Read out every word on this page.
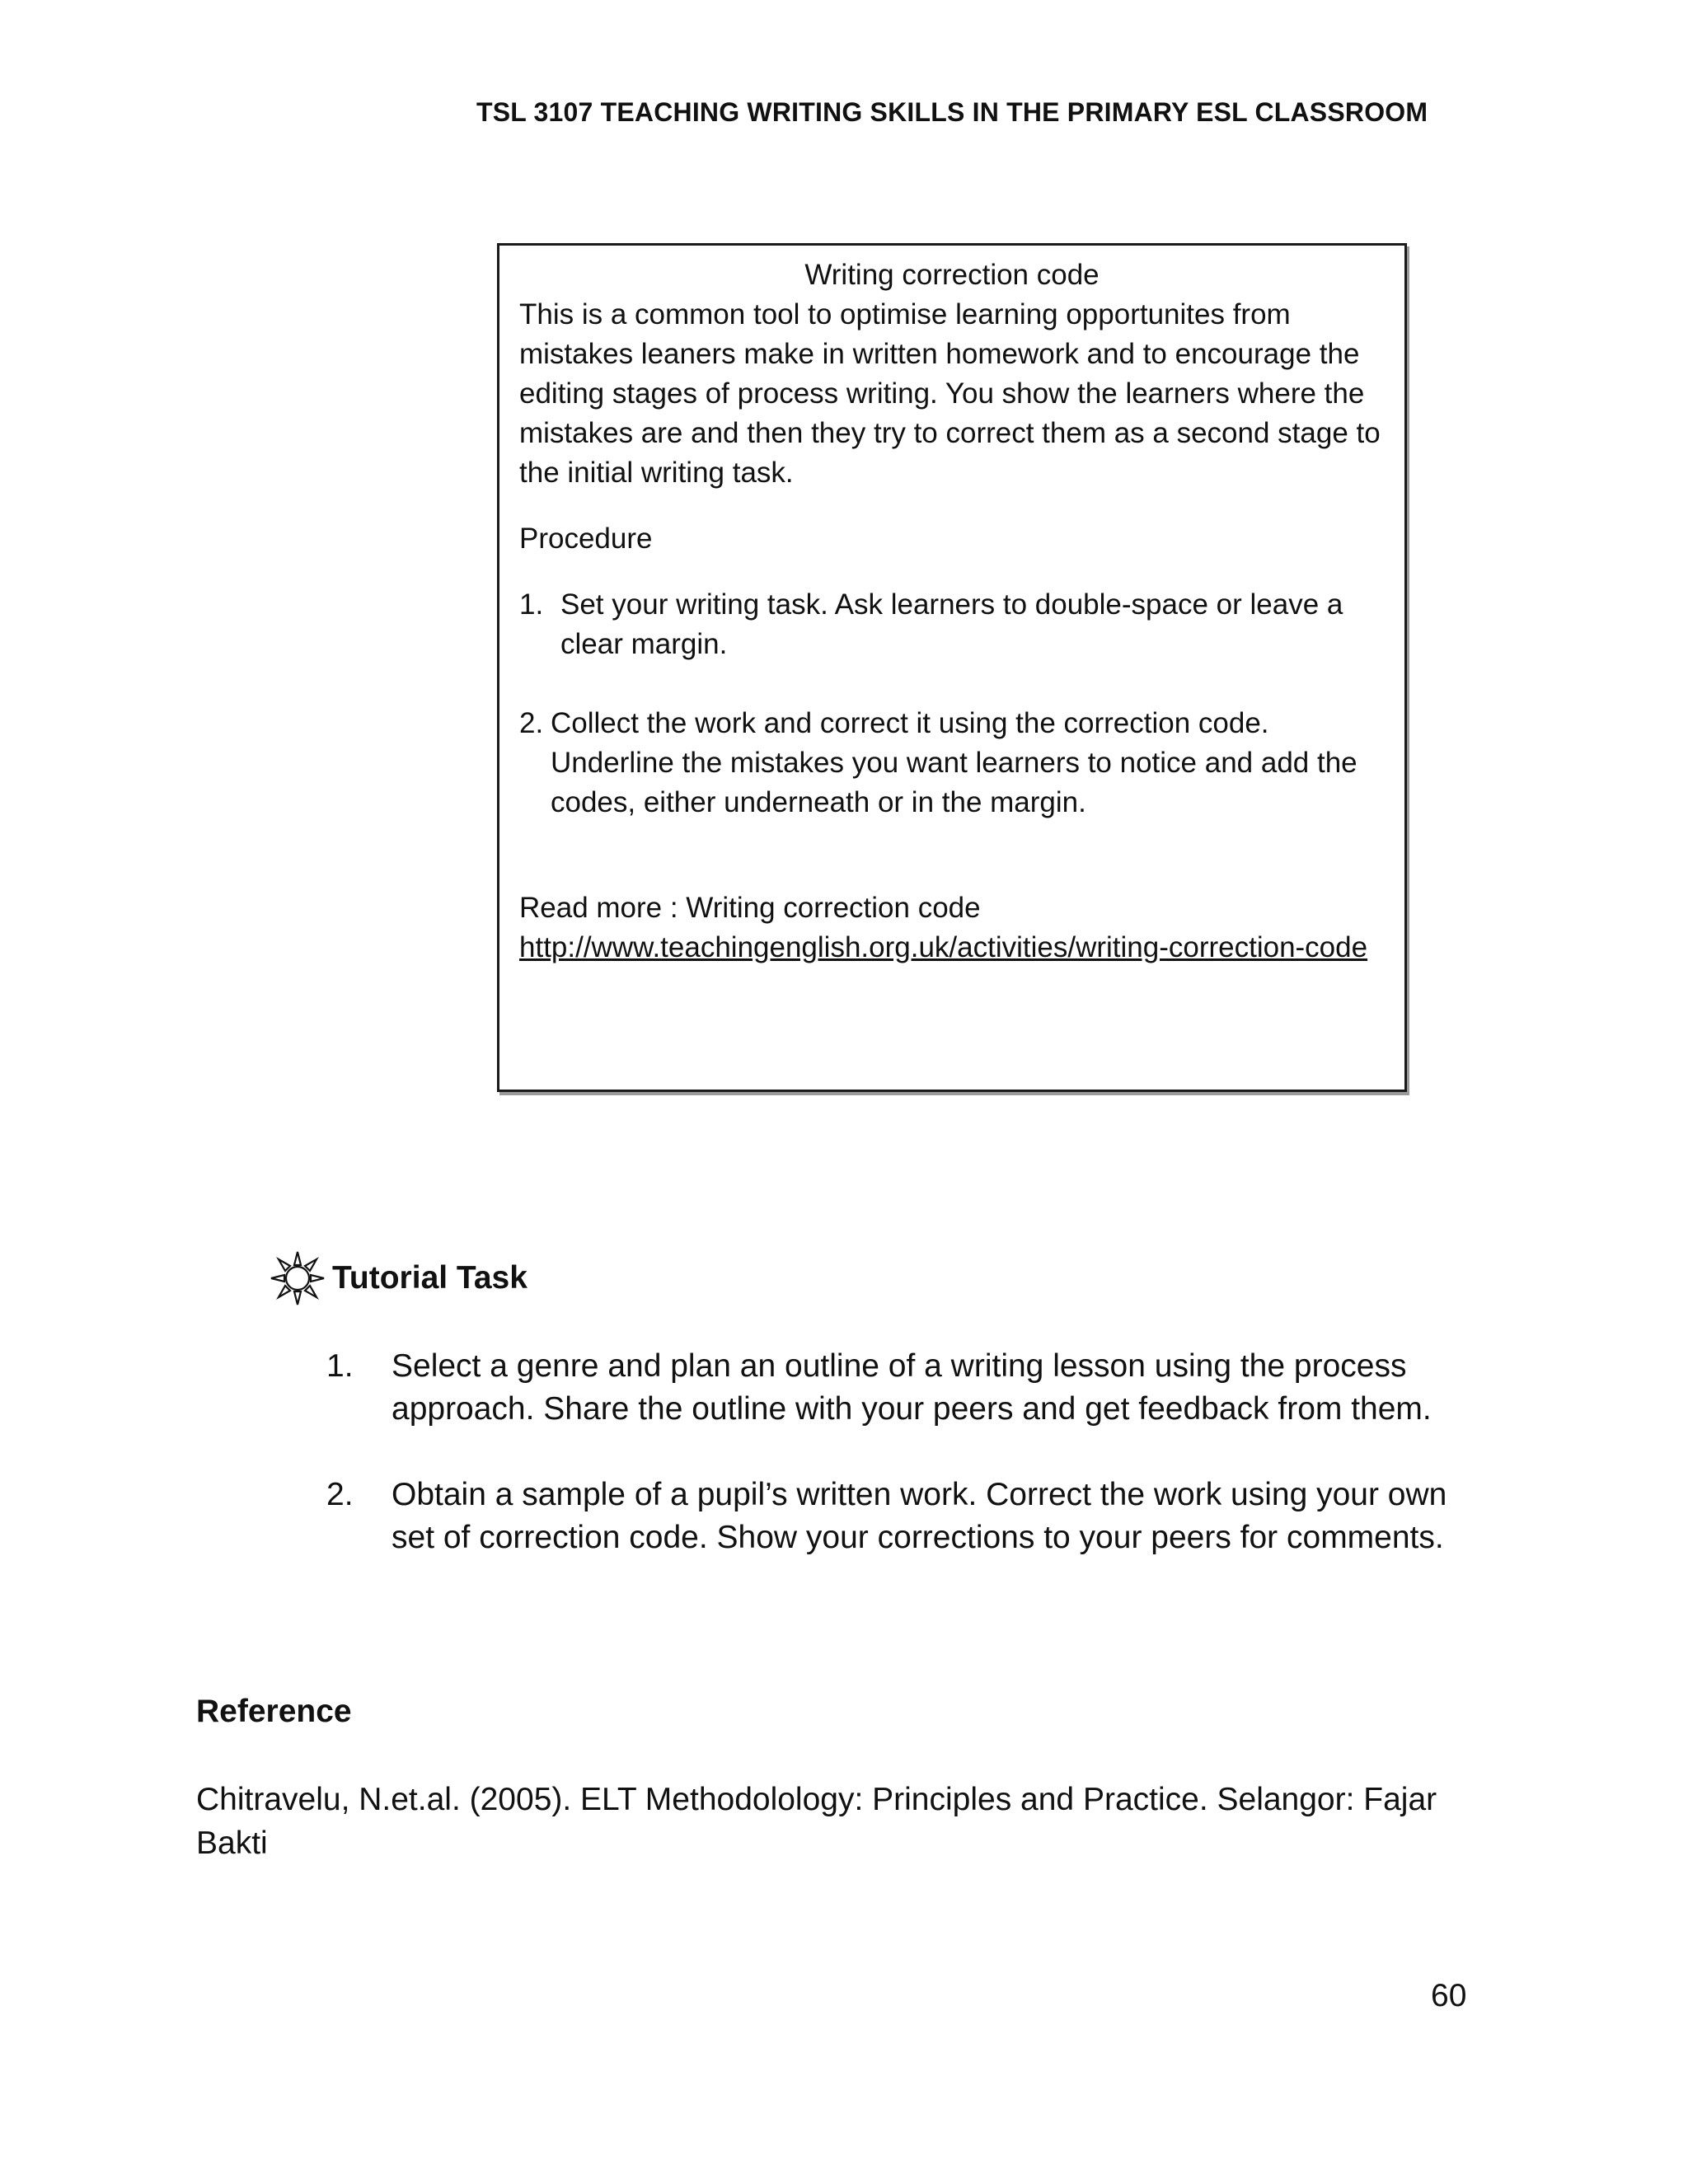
TSL 3107 TEACHING WRITING SKILLS IN THE PRIMARY ESL CLASSROOM

Writing correction code

This is a common tool to optimise learning opportunites from mistakes leaners make in written homework and to encourage the editing stages of process writing. You show the learners where the mistakes are and then they try to correct them as a second stage to the initial writing task.

Procedure

1. Set your writing task. Ask learners to double-space or leave a clear margin.
2. Collect the work and correct it using the correction code. Underline the mistakes you want learners to notice and add the codes, either underneath or in the margin.

Read more : Writing correction code

http://www.teachingenglish.org.uk/activities/writing-correction-code

Tutorial Task
1.	Select a genre and plan an outline of a writing lesson using the process approach. Share the outline with your peers and get feedback from them.
2.	Obtain a sample of a pupil’s written work. Correct the work using your own set of correction code. Show your corrections to your peers for comments.
Reference
Chitravelu, N.et.al. (2005). ELT Methodolology: Principles and Practice. Selangor: Fajar Bakti
60
